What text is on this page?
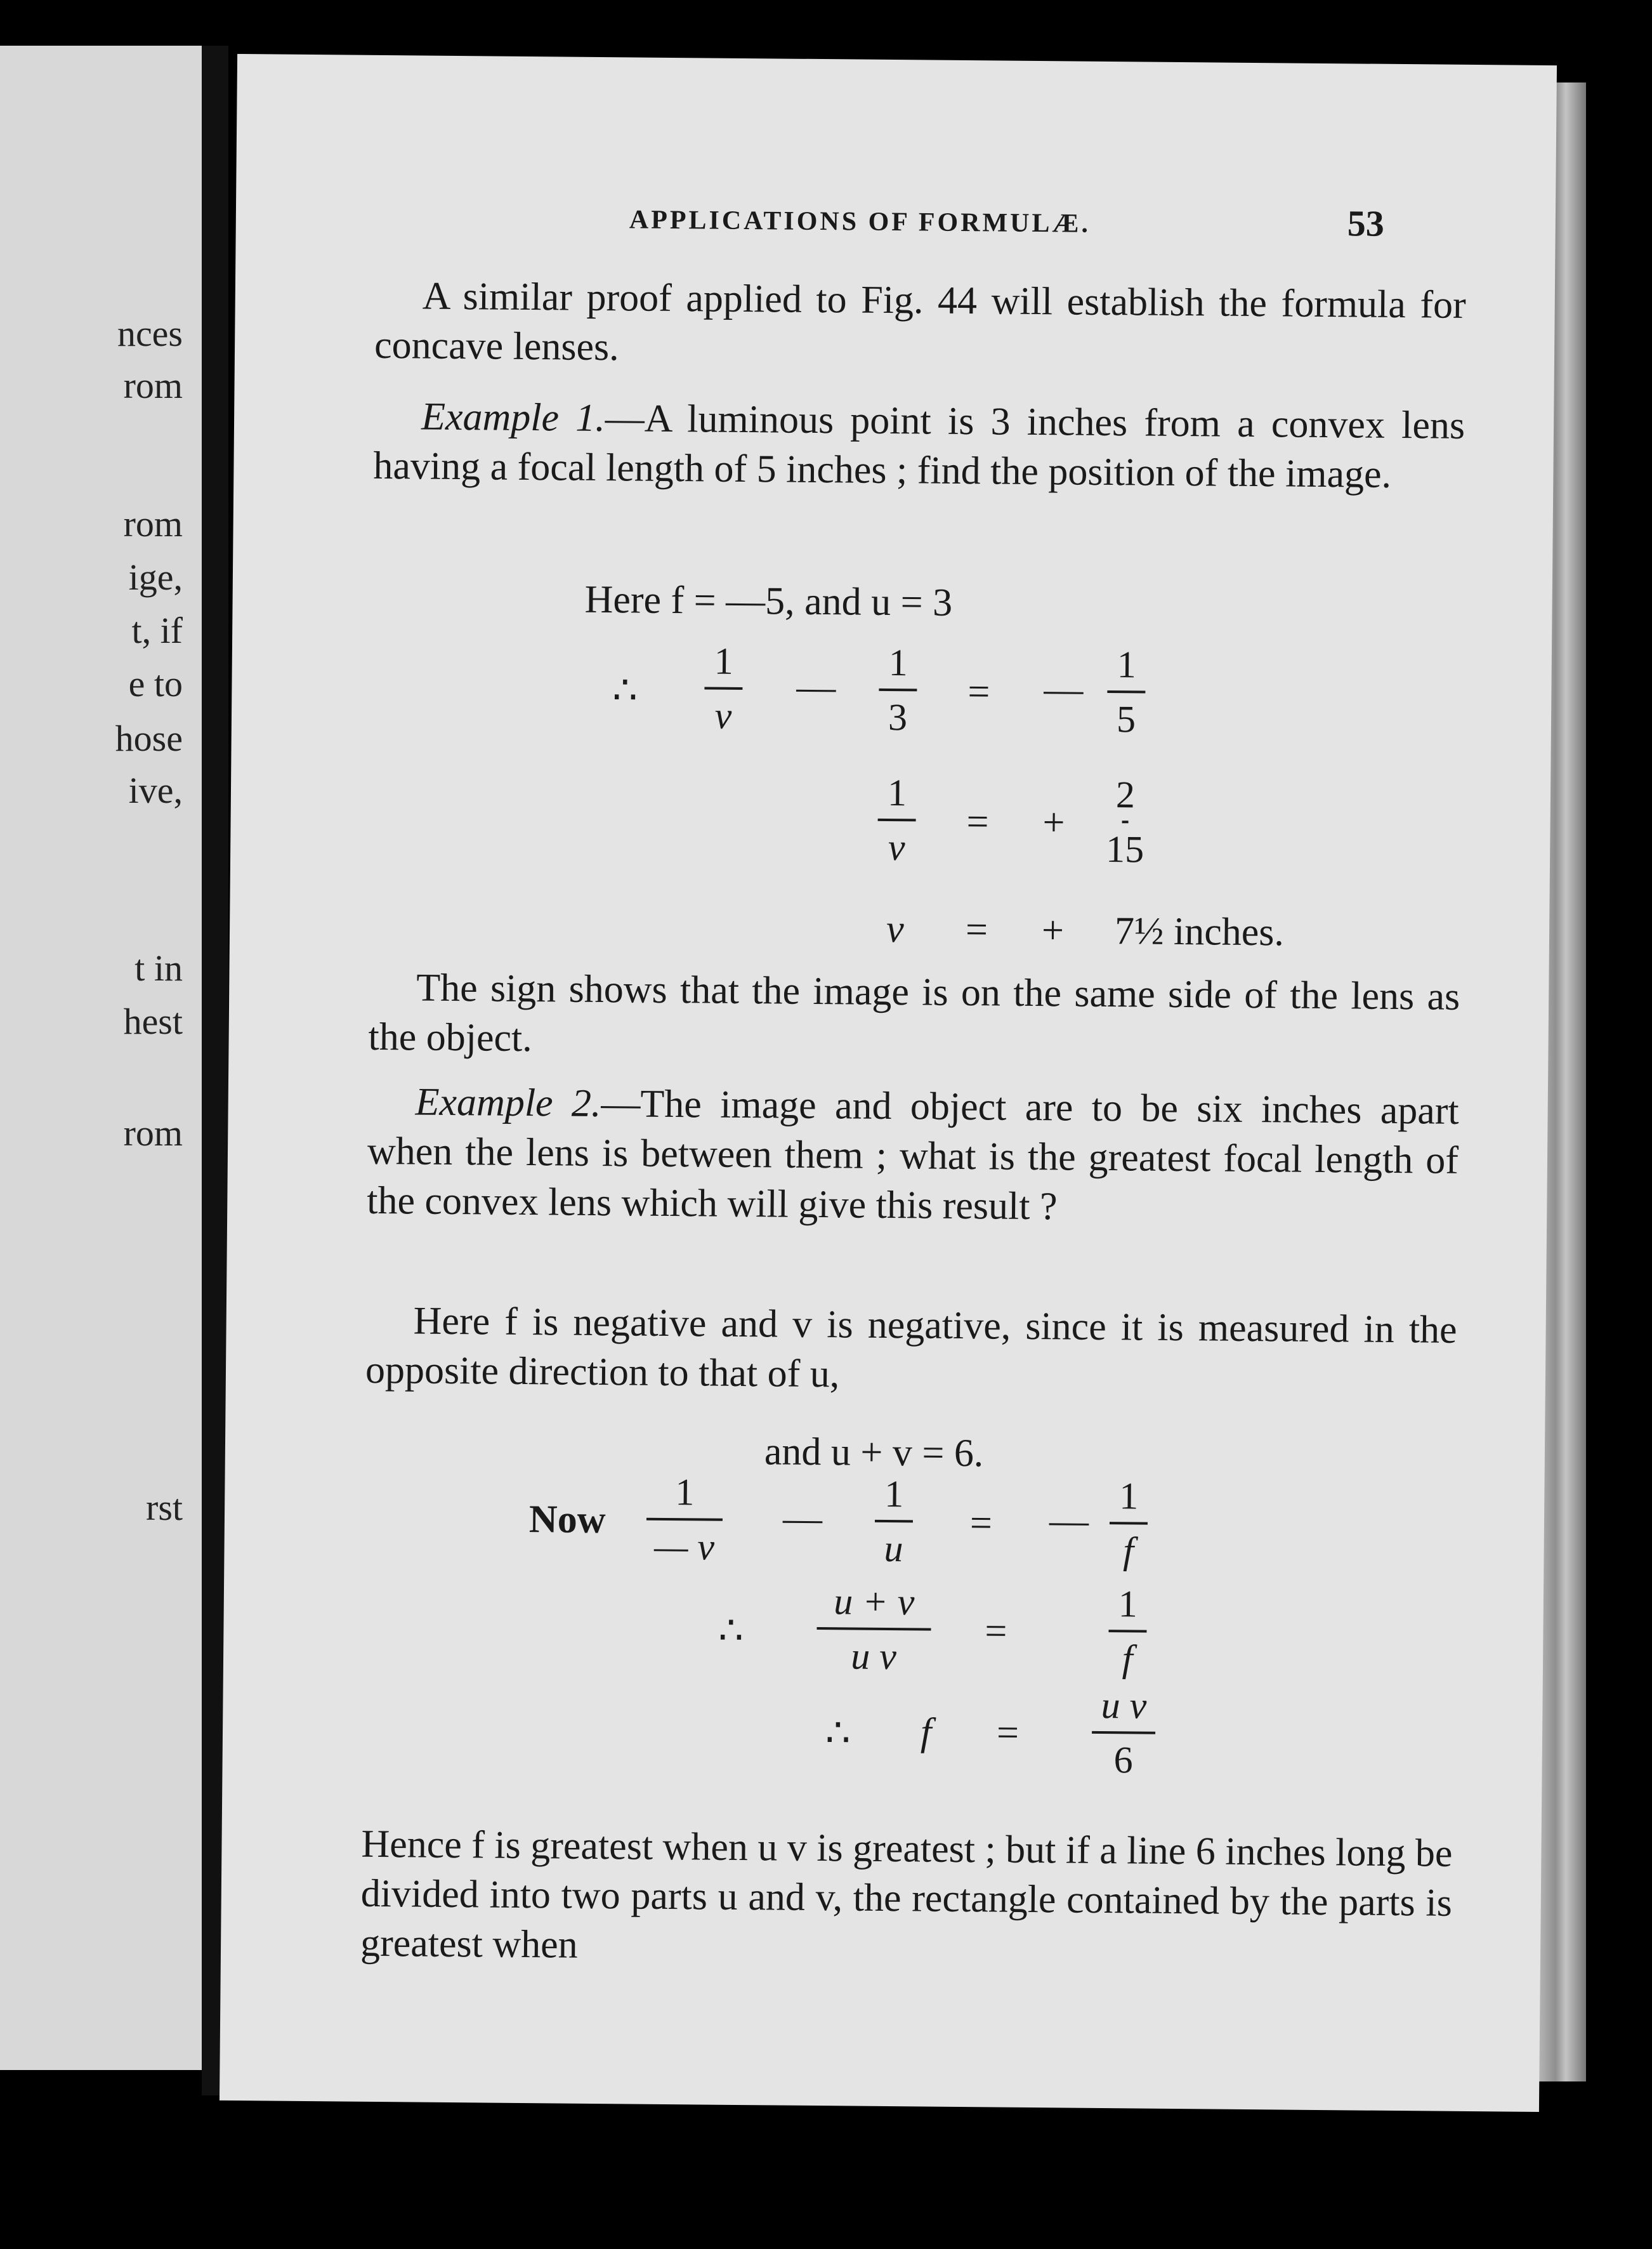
nces
rom
rom
ige,
t, if
e to
hose
ive,
t in
hest
rom
rst
APPLICATIONS OF FORMULÆ.	53
A similar proof applied to Fig. 44 will establish the formula for concave lenses.
Example 1.—A luminous point is 3 inches from a convex lens having a focal length of 5 inches ; find the position of the image.
Here f = —5, and u = 3
∴
1
v
—
1
3
= —
1
5
1
v
= +
2
15
v = + 7½ inches.
The sign shows that the image is on the same side of the lens as the object.
Example 2.—The image and object are to be six inches apart when the lens is between them ; what is the greatest focal length of the convex lens which will give this result ?
Here f is negative and v is negative, since it is measured in the opposite direction to that of u,
and u + v = 6.
Now
1
— v
—
1
u
= —
1
f
∴
u + v
u v
=
1
f
∴ f =
u v
6
Hence f is greatest when u v is greatest ; but if a line 6 inches long be divided into two parts u and v, the rectangle contained by the parts is greatest when
